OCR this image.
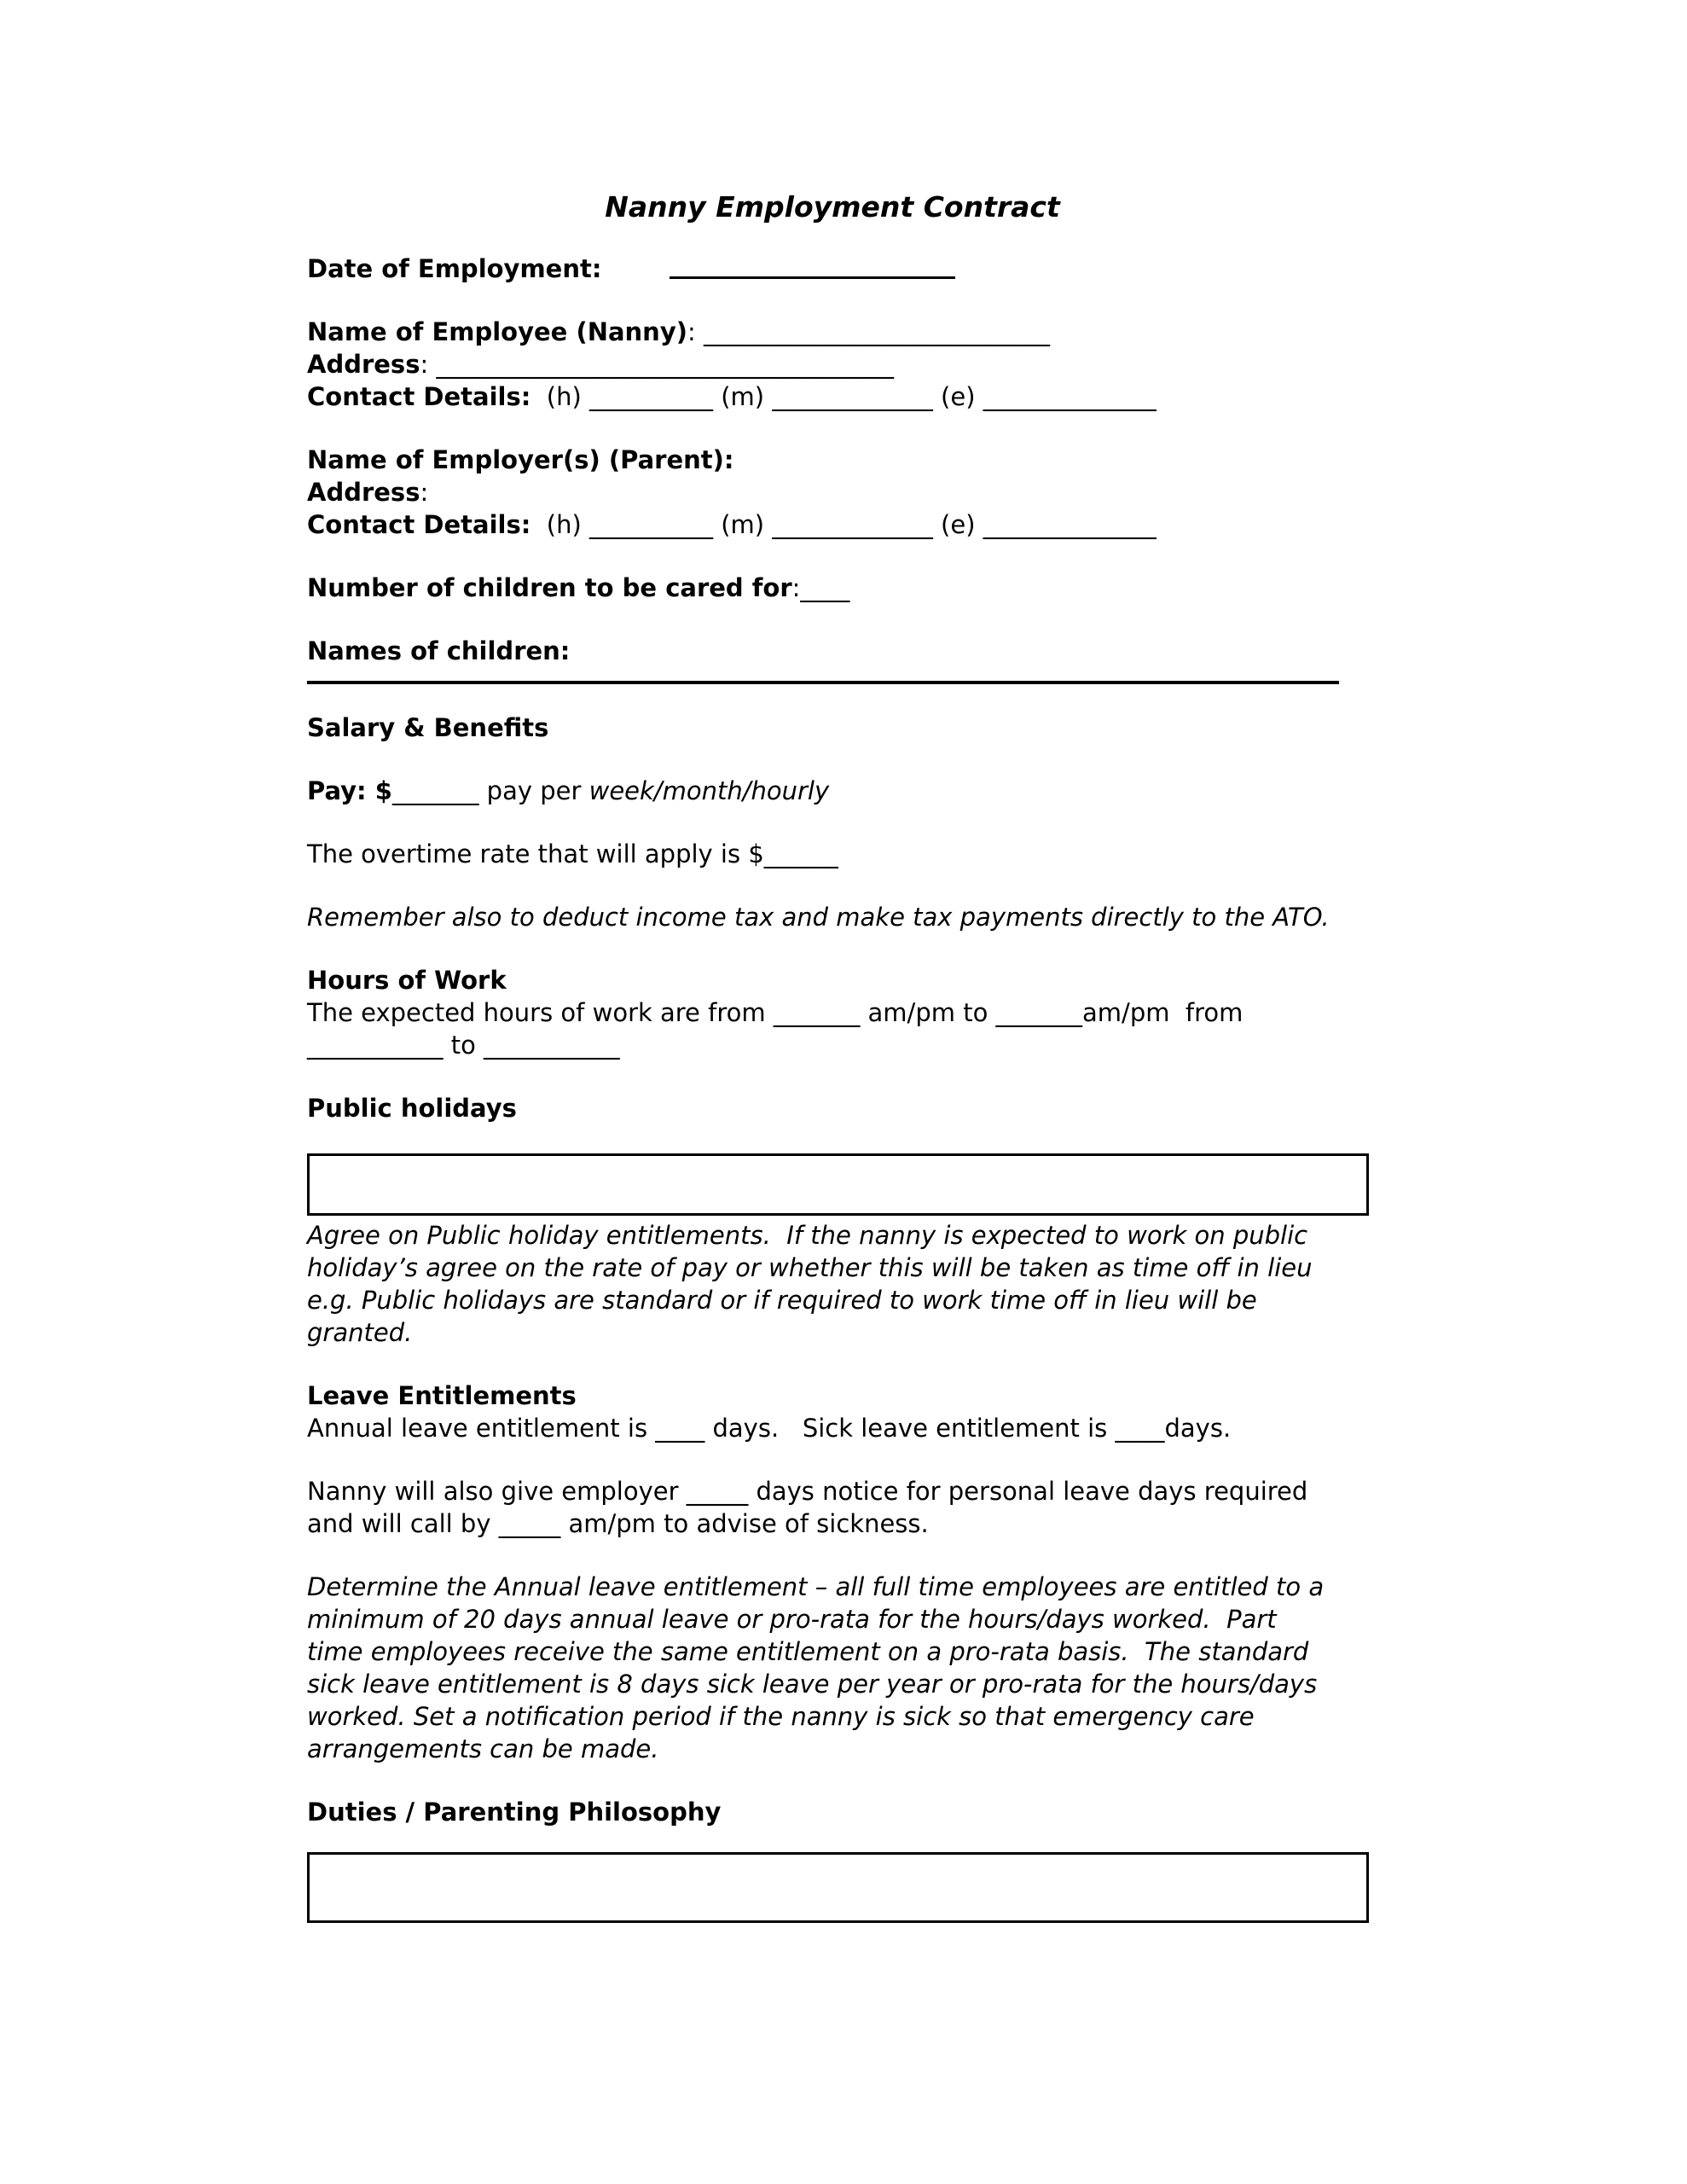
Nanny Employment Contract
Date of Employment:
Name of Employee (Nanny): ____________________________
Address: _____________________________________
Contact Details:  (h) __________ (m) _____________ (e) ______________
Name of Employer(s) (Parent):
Address:
Contact Details:  (h) __________ (m) _____________ (e) ______________
Number of children to be cared for:____
Names of children:
Salary & Benefits
Pay: $_______ pay per week/month/hourly
The overtime rate that will apply is $______
Remember also to deduct income tax and make tax payments directly to the ATO.
Hours of Work
The expected hours of work are from _______ am/pm to _______am/pm  from
___________ to ___________
Public holidays
Agree on Public holiday entitlements.  If the nanny is expected to work on public
holiday’s agree on the rate of pay or whether this will be taken as time off in lieu
e.g. Public holidays are standard or if required to work time off in lieu will be
granted.
Leave Entitlements
Annual leave entitlement is ____ days.   Sick leave entitlement is ____days.
Nanny will also give employer _____ days notice for personal leave days required
and will call by _____ am/pm to advise of sickness.
Determine the Annual leave entitlement – all full time employees are entitled to a
minimum of 20 days annual leave or pro-rata for the hours/days worked.  Part
time employees receive the same entitlement on a pro-rata basis.  The standard
sick leave entitlement is 8 days sick leave per year or pro-rata for the hours/days
worked. Set a notification period if the nanny is sick so that emergency care
arrangements can be made.
Duties / Parenting Philosophy
